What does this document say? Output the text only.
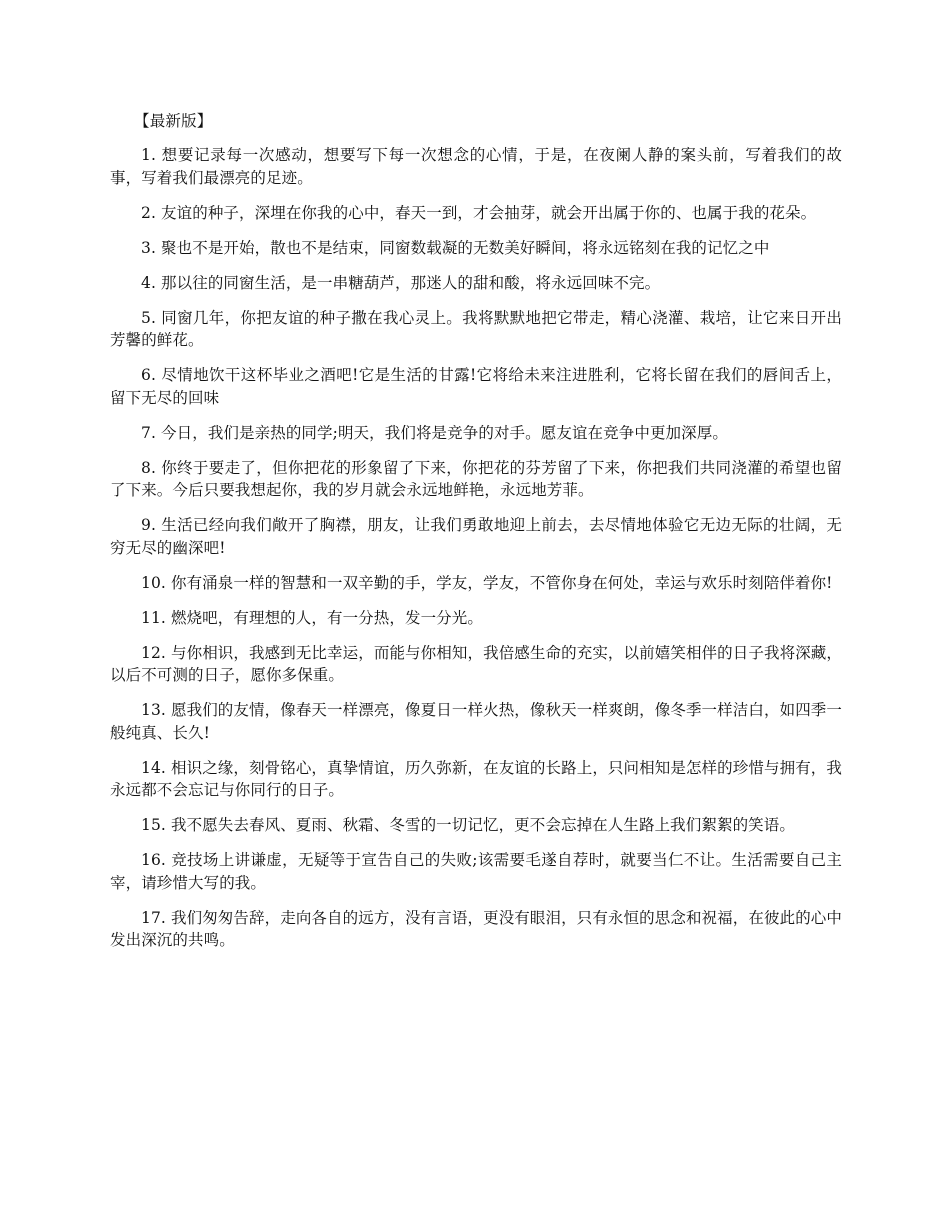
【最新版】

1. 想要记录每一次感动，想要写下每一次想念的心情，于是，在夜阑人静的案头前，写着我们的故事，写着我们最漂亮的足迹。

2. 友谊的种子，深埋在你我的心中，春天一到，才会抽芽，就会开出属于你的、也属于我的花朵。

3. 聚也不是开始，散也不是结束，同窗数载凝的无数美好瞬间，将永远铭刻在我的记忆之中

4. 那以往的同窗生活，是一串糖葫芦，那迷人的甜和酸，将永远回味不完。

5. 同窗几年，你把友谊的种子撒在我心灵上。我将默默地把它带走，精心浇灌、栽培，让它来日开出芳馨的鲜花。

6. 尽情地饮干这杯毕业之酒吧!它是生活的甘露!它将给未来注进胜利，它将长留在我们的唇间舌上，留下无尽的回味

7. 今日，我们是亲热的同学;明天，我们将是竞争的对手。愿友谊在竞争中更加深厚。

8. 你终于要走了，但你把花的形象留了下来，你把花的芬芳留了下来，你把我们共同浇灌的希望也留了下来。今后只要我想起你，我的岁月就会永远地鲜艳，永远地芳菲。

9. 生活已经向我们敞开了胸襟，朋友，让我们勇敢地迎上前去，去尽情地体验它无边无际的壮阔，无穷无尽的幽深吧!

10. 你有涌泉一样的智慧和一双辛勤的手，学友，学友，不管你身在何处，幸运与欢乐时刻陪伴着你!

11. 燃烧吧，有理想的人，有一分热，发一分光。

12. 与你相识，我感到无比幸运，而能与你相知，我倍感生命的充实，以前嬉笑相伴的日子我将深藏，以后不可测的日子，愿你多保重。

13. 愿我们的友情，像春天一样漂亮，像夏日一样火热，像秋天一样爽朗，像冬季一样洁白，如四季一般纯真、长久!

14. 相识之缘，刻骨铭心，真挚情谊，历久弥新，在友谊的长路上，只问相知是怎样的珍惜与拥有，我永远都不会忘记与你同行的日子。

15. 我不愿失去春风、夏雨、秋霜、冬雪的一切记忆，更不会忘掉在人生路上我们絮絮的笑语。

16. 竞技场上讲谦虚，无疑等于宣告自己的失败;该需要毛遂自荐时，就要当仁不让。生活需要自己主宰，请珍惜大写的我。

17. 我们匆匆告辞，走向各自的远方，没有言语，更没有眼泪，只有永恒的思念和祝福，在彼此的心中发出深沉的共鸣。
